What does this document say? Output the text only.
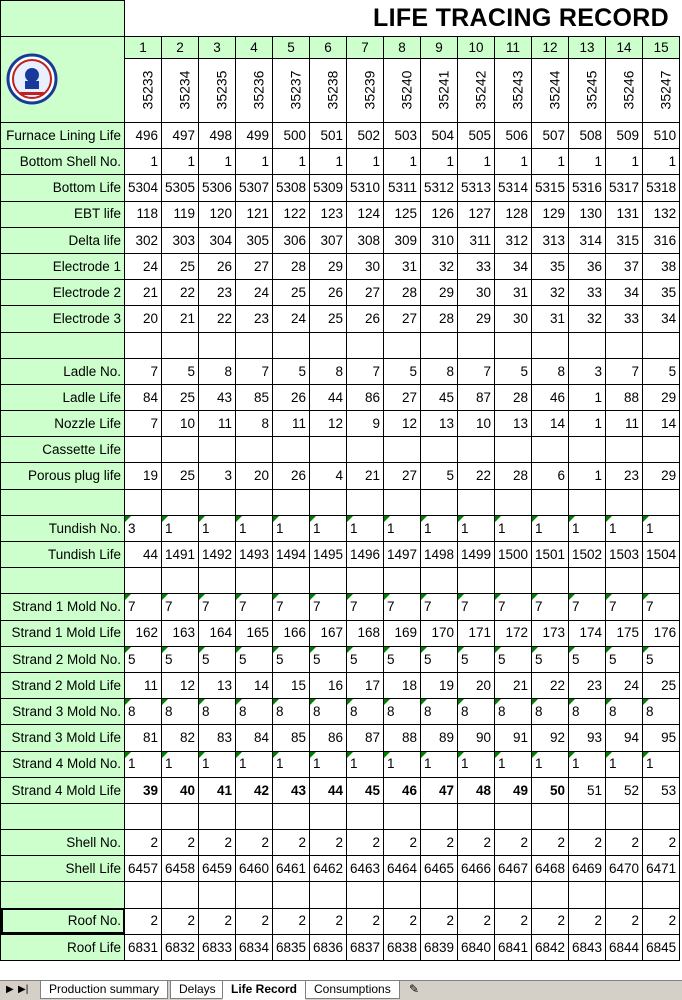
LIFE TRACING RECORD

	1	2	3	4	5	6	7	8	9	10	11	12	13	14	15
	35233	35234	35235	35236	35237	35238	35239	35240	35241	35242	35243	35244	35245	35246	35247
Furnace Lining Life	496	497	498	499	500	501	502	503	504	505	506	507	508	509	510
Bottom Shell No.	1	1	1	1	1	1	1	1	1	1	1	1	1	1	1
Bottom Life	5304	5305	5306	5307	5308	5309	5310	5311	5312	5313	5314	5315	5316	5317	5318
EBT life	118	119	120	121	122	123	124	125	126	127	128	129	130	131	132
Delta life	302	303	304	305	306	307	308	309	310	311	312	313	314	315	316
Electrode 1	24	25	26	27	28	29	30	31	32	33	34	35	36	37	38
Electrode 2	21	22	23	24	25	26	27	28	29	30	31	32	33	34	35
Electrode 3	20	21	22	23	24	25	26	27	28	29	30	31	32	33	34

Ladle No.	7	5	8	7	5	8	7	5	8	7	5	8	3	7	5
Ladle Life	84	25	43	85	26	44	86	27	45	87	28	46	1	88	29
Nozzle Life	7	10	11	8	11	12	9	12	13	10	13	14	1	11	14
Cassette Life															
Porous plug life	19	25	3	20	26	4	21	27	5	22	28	6	1	23	29

Tundish No.	3	1	1	1	1	1	1	1	1	1	1	1	1	1	1
Tundish Life	44	1491	1492	1493	1494	1495	1496	1497	1498	1499	1500	1501	1502	1503	1504

Strand 1 Mold No.	7	7	7	7	7	7	7	7	7	7	7	7	7	7	7
Strand 1 Mold Life	162	163	164	165	166	167	168	169	170	171	172	173	174	175	176
Strand 2 Mold No.	5	5	5	5	5	5	5	5	5	5	5	5	5	5	5
Strand 2 Mold Life	11	12	13	14	15	16	17	18	19	20	21	22	23	24	25
Strand 3 Mold No.	8	8	8	8	8	8	8	8	8	8	8	8	8	8	8
Strand 3 Mold Life	81	82	83	84	85	86	87	88	89	90	91	92	93	94	95
Strand 4 Mold No.	1	1	1	1	1	1	1	1	1	1	1	1	1	1	1
Strand 4 Mold Life	39	40	41	42	43	44	45	46	47	48	49	50	51	52	53

Shell No.	2	2	2	2	2	2	2	2	2	2	2	2	2	2	2
Shell Life	6457	6458	6459	6460	6461	6462	6463	6464	6465	6466	6467	6468	6469	6470	6471

Roof No.	2	2	2	2	2	2	2	2	2	2	2	2	2	2	2
Roof Life	6831	6832	6833	6834	6835	6836	6837	6838	6839	6840	6841	6842	6843	6844	6845
▶ ▶|	Production summary	Delays	Life Record	Consumptions	✎
